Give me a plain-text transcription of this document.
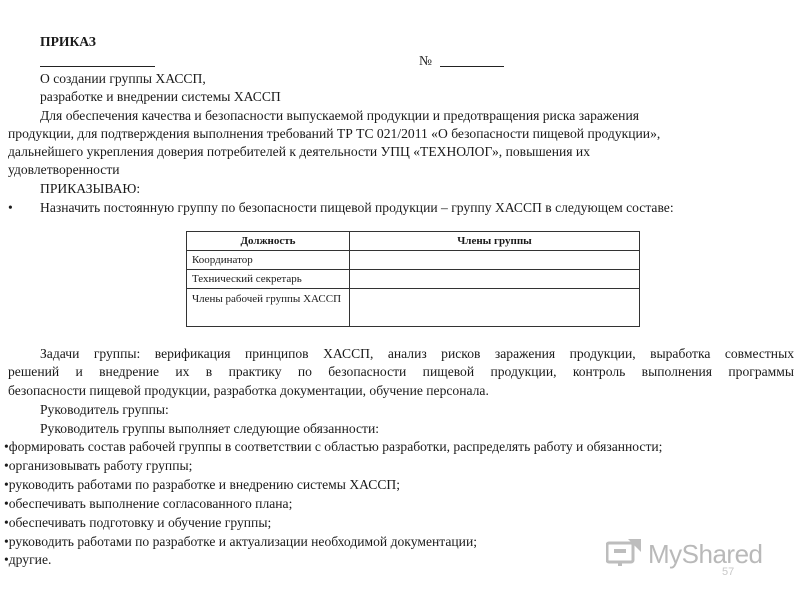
ПРИКАЗ
№
О создании группы ХАССП,
разработке и внедрении системы ХАССП
Для обеспечения качества и безопасности выпускаемой продукции и предотвращения риска заражения
продукции, для подтверждения выполнения требований ТР ТС 021/2011 «О безопасности пищевой продукции»,
дальнейшего укрепления доверия потребителей к деятельности УПЦ «ТЕХНОЛОГ», повышения их
удовлетворенности
ПРИКАЗЫВАЮ:
• Назначить постоянную группу по безопасности пищевой продукции – группу ХАССП в следующем составе:
Должность	Члены группы
Координатор	
Технический секретарь	
Члены рабочей группы ХАССП	
Задачи группы: верификация принципов ХАССП, анализ рисков заражения продукции, выработка совместных
решений и внедрение их в практику по безопасности пищевой продукции, контроль выполнения программы
безопасности пищевой продукции, разработка документации, обучение персонала.
Руководитель группы:
Руководитель группы выполняет следующие обязанности:
•формировать состав рабочей группы в соответствии с областью разработки, распределять работу и обязанности;
•организовывать работу группы;
•руководить работами по разработке и внедрению системы ХАССП;
•обеспечивать выполнение согласованного плана;
•обеспечивать подготовку и обучение группы;
•руководить работами по разработке и актуализации необходимой документации;
•другие.	MyShared
57
